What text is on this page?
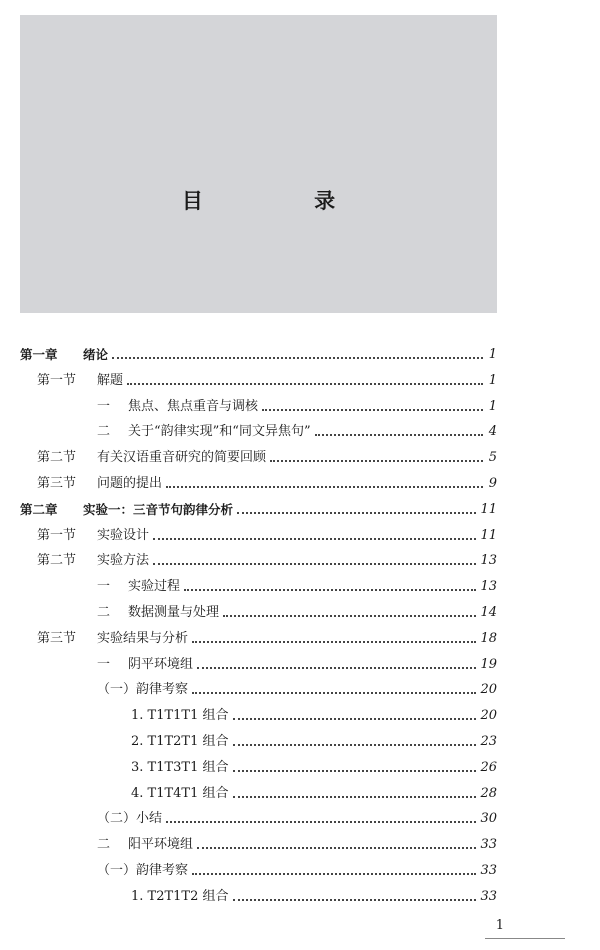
目 录
第一章	绪论	1
第一节	解题	1
一	焦点、焦点重音与调核	1
二	关于“韵律实现”和“同文异焦句”	4
第二节	有关汉语重音研究的简要回顾	5
第三节	问题的提出	9
第二章	实验一：三音节句韵律分析	11
第一节	实验设计	11
第二节	实验方法	13
一	实验过程	13
二	数据测量与处理	14
第三节	实验结果与分析	18
一	阴平环境组	19
（一）韵律考察	20
1. T1T1T1 组合	20
2. T1T2T1 组合	23
3. T1T3T1 组合	26
4. T1T4T1 组合	28
（二）小结	30
二	阳平环境组	33
（一）韵律考察	33
1. T2T1T2 组合	33
1
